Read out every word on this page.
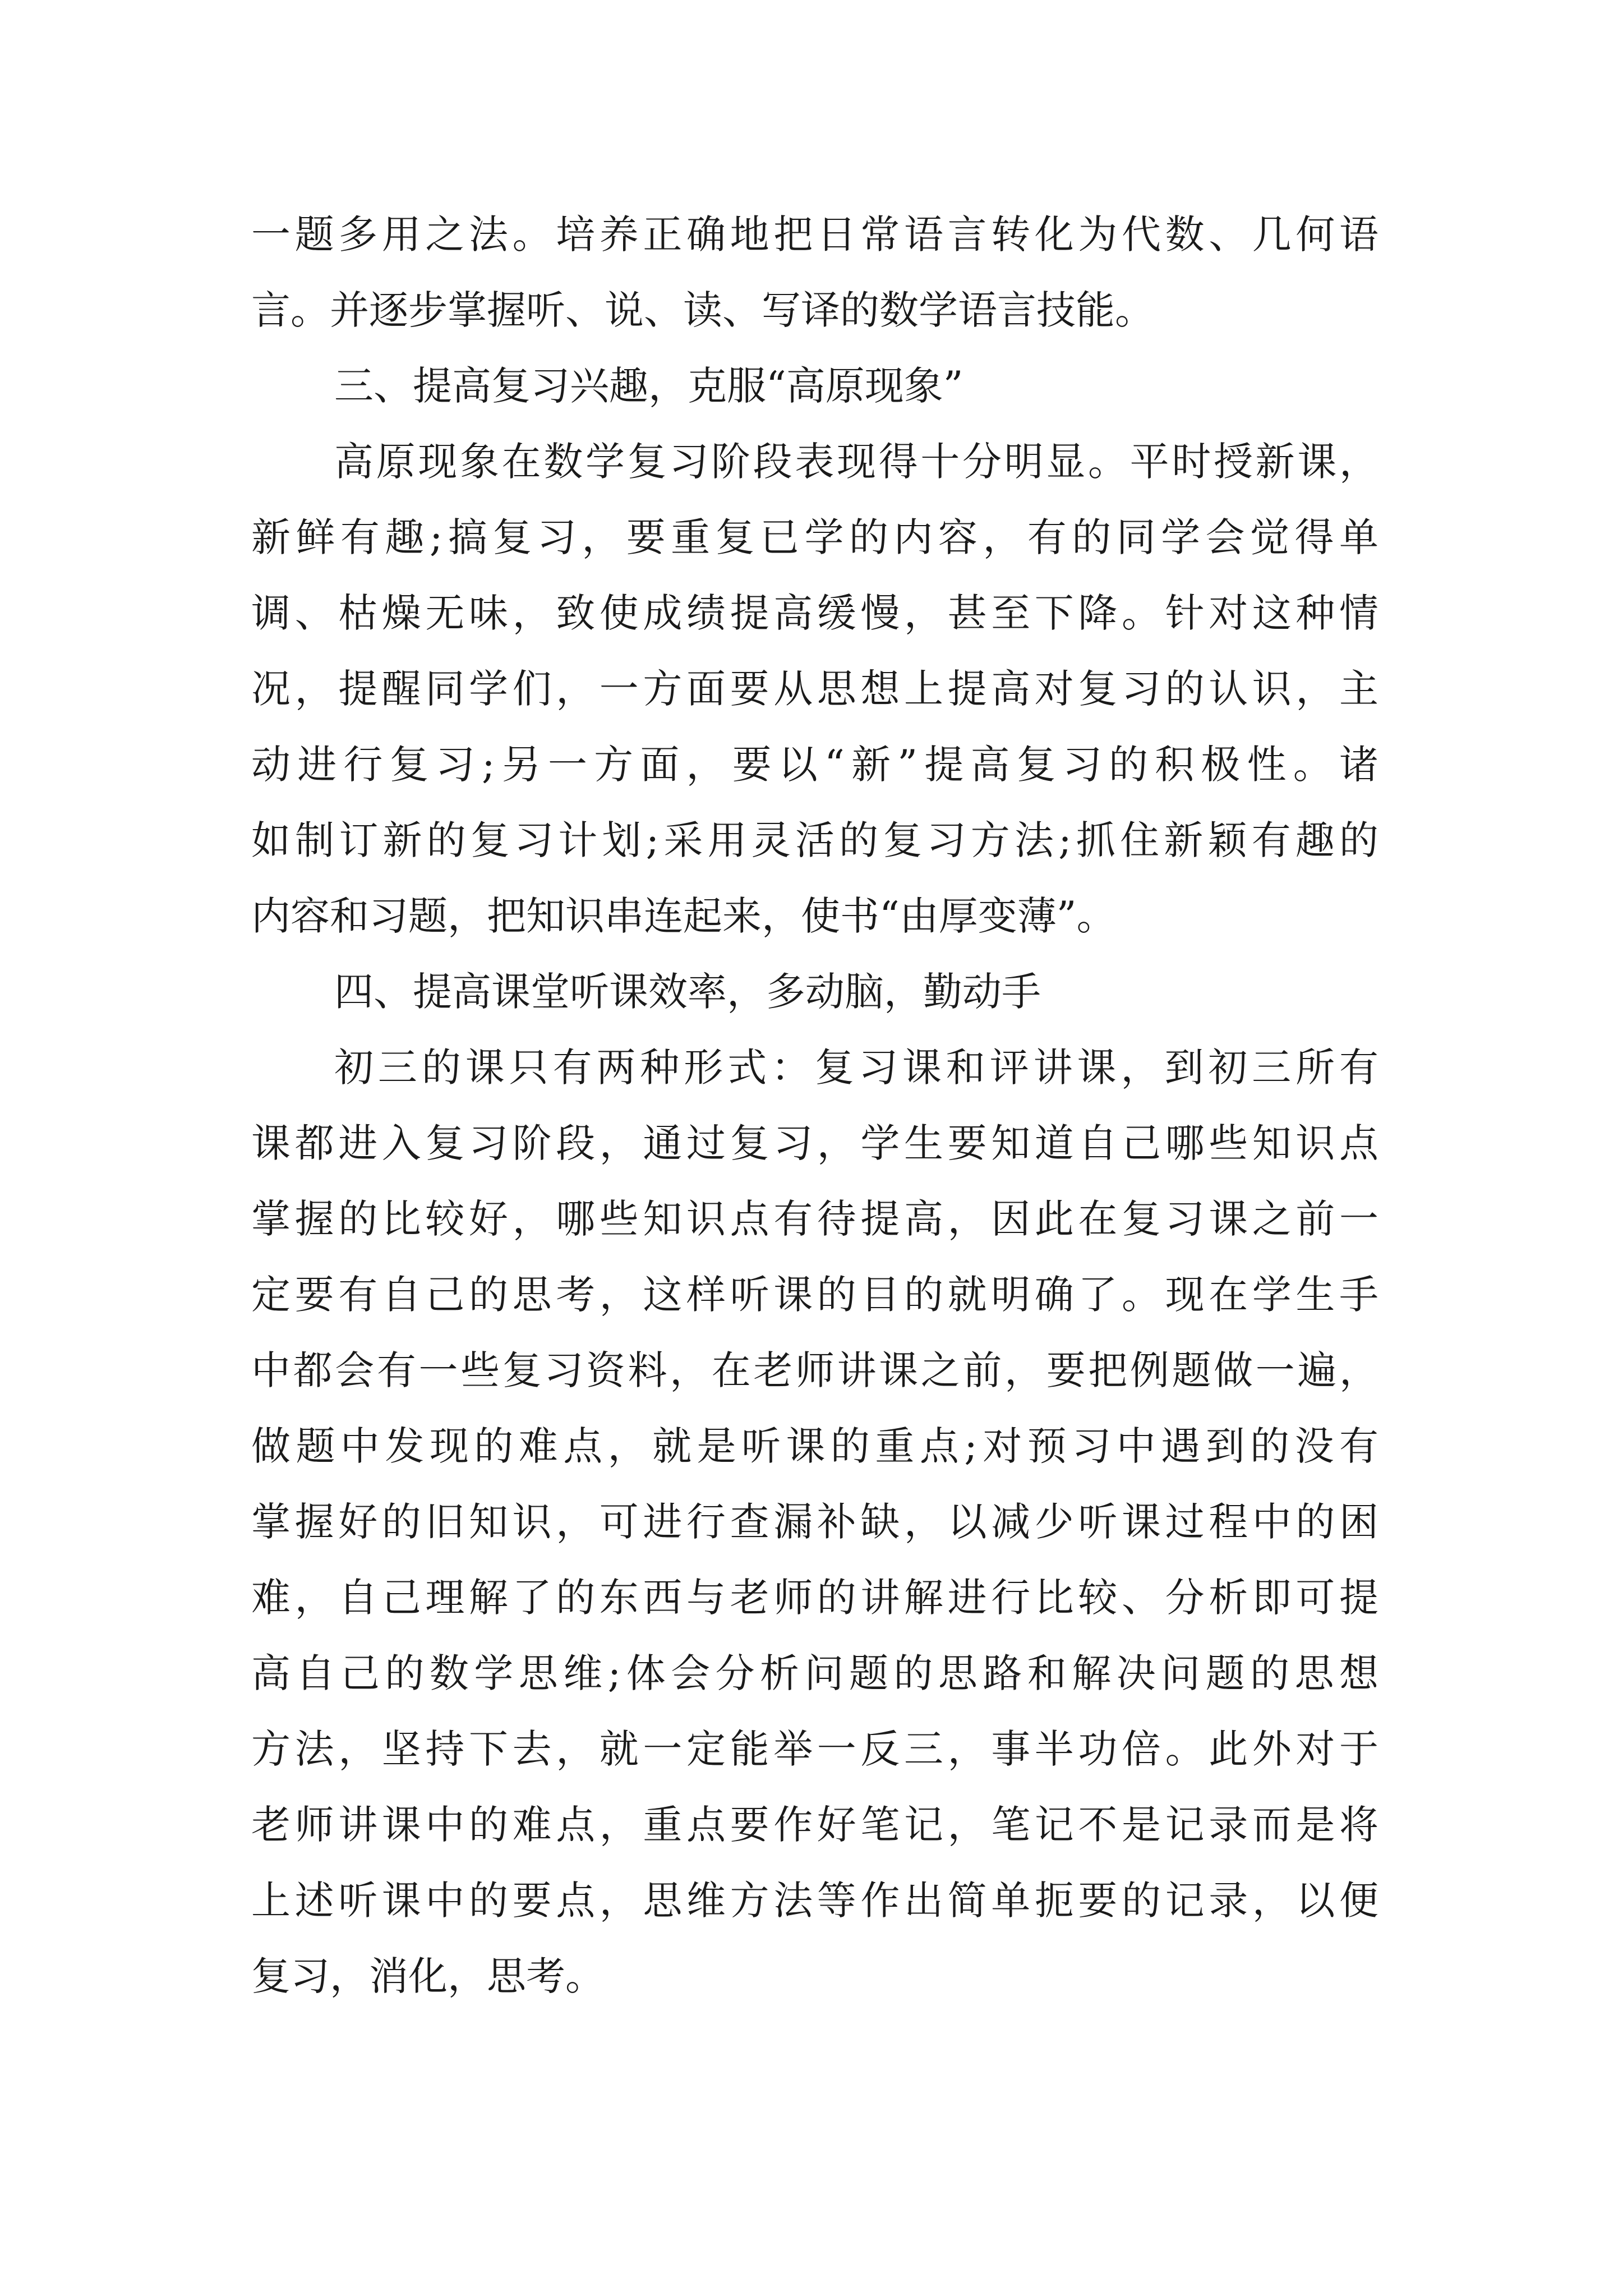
一题多用之法。培养正确地把日常语言转化为代数、几何语
言。并逐步掌握听、说、读、写译的数学语言技能。
三、提高复习兴趣，克服“高原现象”
高原现象在数学复习阶段表现得十分明显。平时授新课，
新鲜有趣;搞复习，要重复已学的内容，有的同学会觉得单
调、枯燥无味，致使成绩提高缓慢，甚至下降。针对这种情
况，提醒同学们，一方面要从思想上提高对复习的认识，主
动进行复习;另一方面，要以“新”提高复习的积极性。诸
如制订新的复习计划;采用灵活的复习方法;抓住新颖有趣的
内容和习题，把知识串连起来，使书“由厚变薄”。
四、提高课堂听课效率，多动脑，勤动手
初三的课只有两种形式：复习课和评讲课，到初三所有
课都进入复习阶段，通过复习，学生要知道自己哪些知识点
掌握的比较好，哪些知识点有待提高，因此在复习课之前一
定要有自己的思考，这样听课的目的就明确了。现在学生手
中都会有一些复习资料，在老师讲课之前，要把例题做一遍，
做题中发现的难点，就是听课的重点;对预习中遇到的没有
掌握好的旧知识，可进行查漏补缺，以减少听课过程中的困
难，自己理解了的东西与老师的讲解进行比较、分析即可提
高自己的数学思维;体会分析问题的思路和解决问题的思想
方法，坚持下去，就一定能举一反三，事半功倍。此外对于
老师讲课中的难点，重点要作好笔记，笔记不是记录而是将
上述听课中的要点，思维方法等作出简单扼要的记录，以便
复习，消化，思考。
